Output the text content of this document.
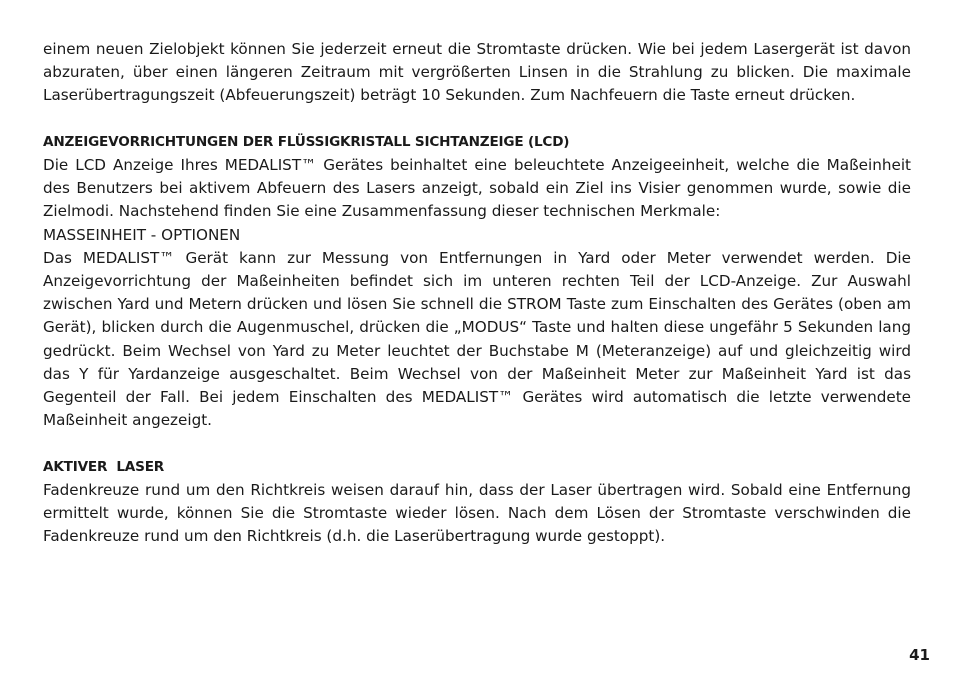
einem neuen Zielobjekt können Sie jederzeit erneut die Stromtaste drücken. Wie bei jedem Lasergerät ist davon abzuraten, über einen längeren Zeitraum mit vergrößerten Linsen in die Strahlung zu blicken. Die maximale Laserübertragungszeit (Abfeuerungszeit) beträgt 10 Sekunden. Zum Nachfeuern die Taste erneut drücken.

ANZEIGEVORRICHTUNGEN DER FLÜSSIGKRISTALL SICHTANZEIGE (LCD)

Die LCD Anzeige Ihres MEDALIST™ Gerätes beinhaltet eine beleuchtete Anzeigeeinheit, welche die Maßeinheit des Benutzers bei aktivem Abfeuern des Lasers anzeigt, sobald ein Ziel ins Visier genommen wurde, sowie die Zielmodi. Nachstehend finden Sie eine Zusammenfassung dieser technischen Merkmale:

MASSEINHEIT - OPTIONEN

Das MEDALIST™ Gerät kann zur Messung von Entfernungen in Yard oder Meter verwendet werden. Die Anzeigevorrichtung der Maßeinheiten befindet sich im unteren rechten Teil der LCD-Anzeige. Zur Auswahl zwischen Yard und Metern drücken und lösen Sie schnell die STROM Taste zum Einschalten des Gerätes (oben am Gerät), blicken durch die Augenmuschel, drücken die „MODUS“ Taste und halten diese ungefähr 5 Sekunden lang gedrückt. Beim Wechsel von Yard zu Meter leuchtet der Buchstabe M (Meteranzeige) auf und gleichzeitig wird das Y für Yardanzeige ausgeschaltet. Beim Wechsel von der Maßeinheit Meter zur Maßeinheit Yard ist das Gegenteil der Fall. Bei jedem Einschalten des MEDALIST™ Gerätes wird automatisch die letzte verwendete Maßeinheit angezeigt.

AKTIVER  LASER

Fadenkreuze rund um den Richtkreis weisen darauf hin, dass der Laser übertragen wird. Sobald eine Entfernung ermittelt wurde, können Sie die Stromtaste wieder lösen. Nach dem Lösen der Stromtaste verschwinden die Fadenkreuze rund um den Richtkreis (d.h. die Laserübertragung wurde gestoppt).

41
